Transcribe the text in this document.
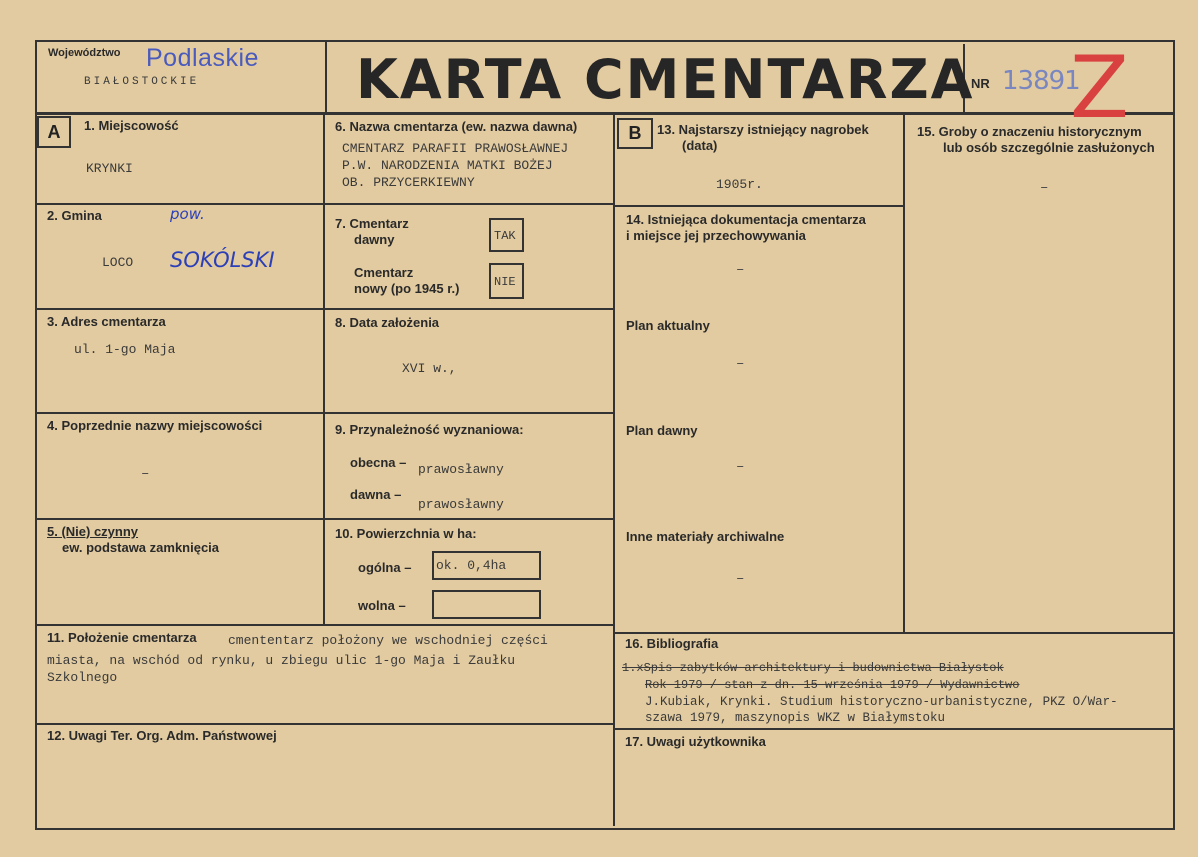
Województwo Podlaskie
BIAŁOSTOCKIE	KARTA CMENTARZA
NR 13891
Z
A	B
1. Miejscowość
KRYNKI
2. Gmina	pow.
LOCO SOKÓLSKI
3. Adres cmentarza
ul. 1-go Maja
4. Poprzednie nazwy miejscowości
–
5. (Nie) czynny
ew. podstawa zamknięcia
6. Nazwa cmentarza (ew. nazwa dawna)
CMENTARZ PARAFII PRAWOSŁAWNEJ
P.W. NARODZENIA MATKI BOŻEJ
OB. PRZYCERKIEWNY
7. Cmentarz
dawny	TAK
Cmentarz
nowy (po 1945 r.)	NIE
8. Data założenia
XVI w.,
9. Przynależność wyznaniowa:
obecna – prawosławny
dawna –
prawosławny
10. Powierzchnia w ha:
ogólna – ok. 0,4ha
wolna –
11. Położenie cmentarza cmententarz położony we wschodniej części
miasta, na wschód od rynku, u zbiegu ulic 1-go Maja i Zaułku
Szkolnego
12. Uwagi Ter. Org. Adm. Państwowej
13. Najstarszy istniejący nagrobek
(data)
1905r.
14. Istniejąca dokumentacja cmentarza
i miejsce jej przechowywania
–
Plan aktualny
–
Plan dawny
–
Inne materiały archiwalne
–
15. Groby o znaczeniu historycznym
lub osób szczególnie zasłużonych
–
16. Bibliografia
1.xSpis zabytków architektury i budownictwa Białystok
Rok 1979 / stan z dn. 15 września 1979 / Wydawnictwo
J.Kubiak, Krynki. Studium historyczno-urbanistyczne, PKZ O/War-
szawa 1979, maszynopis WKZ w Białymstoku
17. Uwagi użytkownika
